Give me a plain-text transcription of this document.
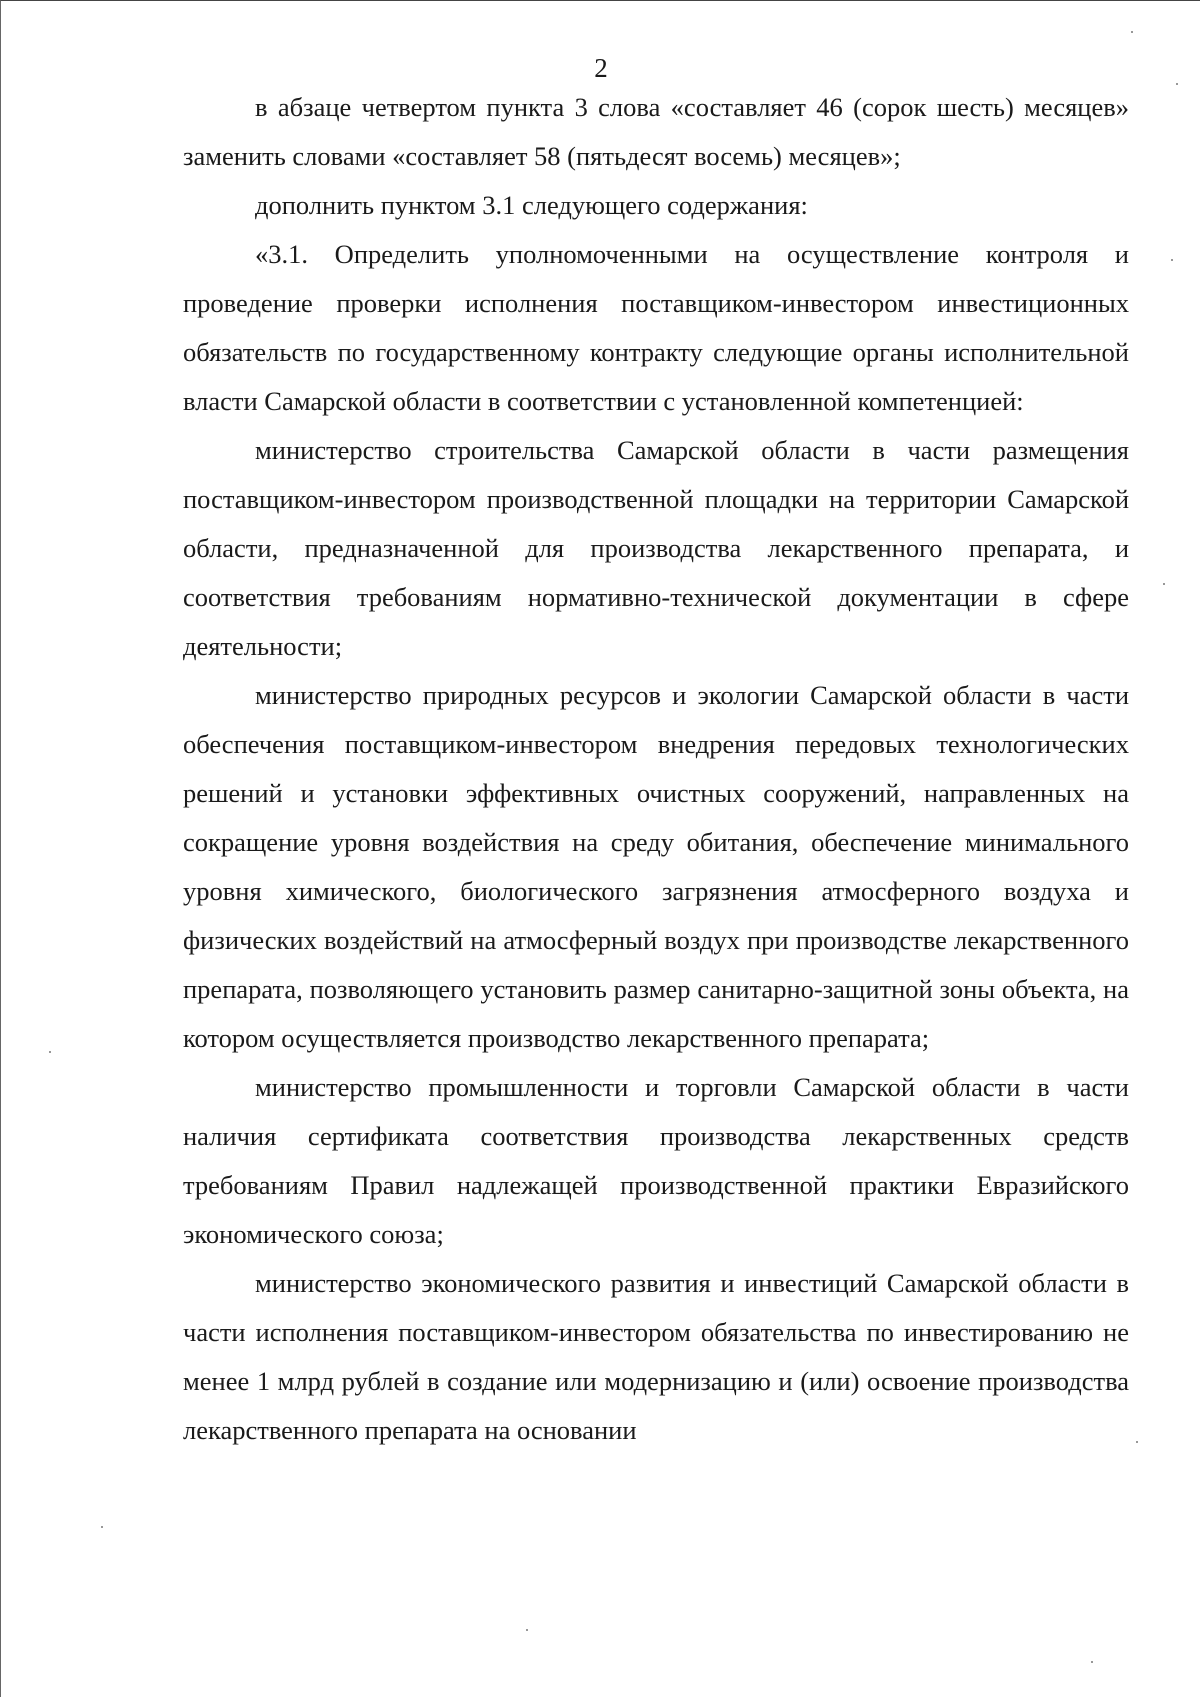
2

в абзаце четвертом пункта 3 слова «составляет 46 (сорок шесть) месяцев» заменить словами «составляет 58 (пятьдесят восемь) месяцев»;

дополнить пунктом 3.1 следующего содержания:

«3.1. Определить уполномоченными на осуществление контроля и проведение проверки исполнения поставщиком-инвестором инвестиционных обязательств по государственному контракту следующие органы исполнительной власти Самарской области в соответствии с установленной компетенцией:

министерство строительства Самарской области в части размещения поставщиком-инвестором производственной площадки на территории Самарской области, предназначенной для производства лекарственного препарата, и соответствия требованиям нормативно-технической документации в сфере деятельности;

министерство природных ресурсов и экологии Самарской области в части обеспечения поставщиком-инвестором внедрения передовых технологических решений и установки эффективных очистных сооружений, направленных на сокращение уровня воздействия на среду обитания, обеспечение минимального уровня химического, биологического загрязнения атмосферного воздуха и физических воздействий на атмосферный воздух при производстве лекарственного препарата, позволяющего установить размер санитарно-защитной зоны объекта, на котором осуществляется производство лекарственного препарата;

министерство промышленности и торговли Самарской области в части наличия сертификата соответствия производства лекарственных средств требованиям Правил надлежащей производственной практики Евразийского экономического союза;

министерство экономического развития и инвестиций Самарской области в части исполнения поставщиком-инвестором обязательства по инвестированию не менее 1 млрд рублей в создание или модернизацию и (или) освоение производства лекарственного препарата на основании
